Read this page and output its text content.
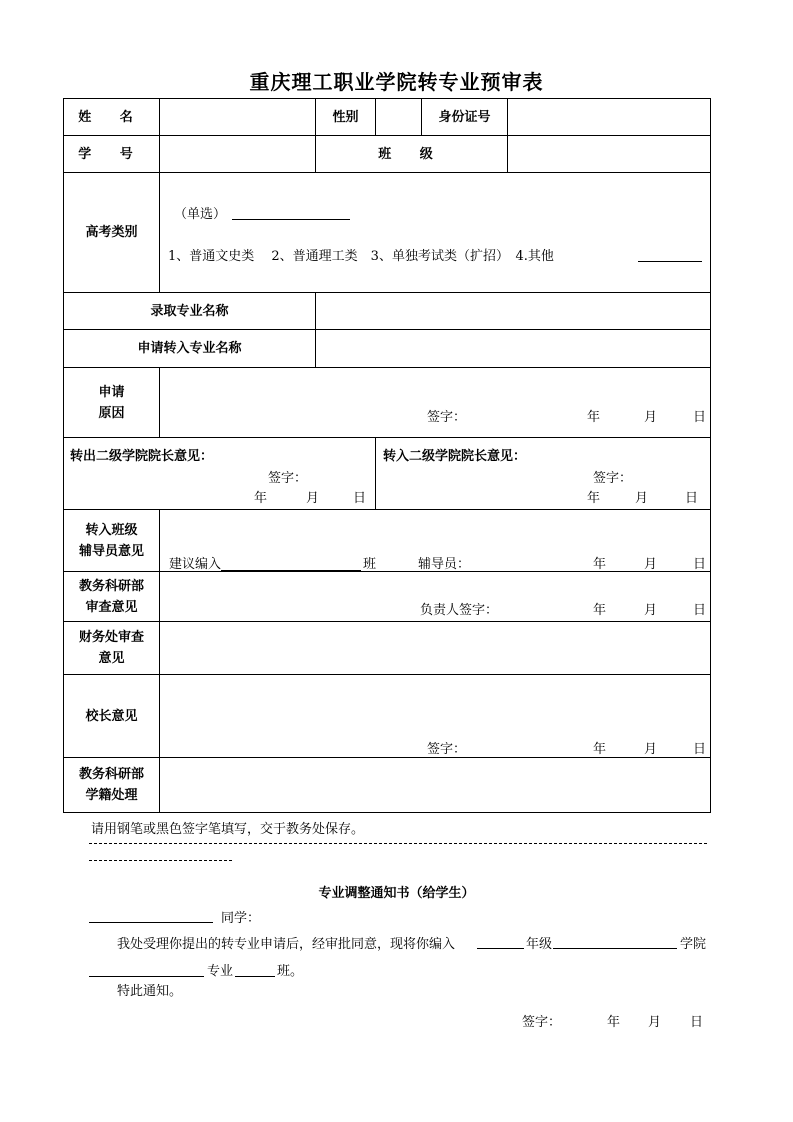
重庆理工职业学院转专业预审表
姓 名	性别	身份证号
学 号	班 级
高考类别
（单选）
1、普通文史类　 2、普通理工类　3、单独考试类（扩招）　4.其他
录取专业名称
申请转入专业名称
申请
原因	签字：	年	月	日
转出二级学院院长意见：
签字：
年	月	日
转入二级学院院长意见：
签字：
年	月	日
转入班级
辅导员意见
建议编入	班	辅导员：	年	月	日
教务科研部
审查意见	负责人签字：	年	月	日
财务处审查
意见
校长意见
签字：	年	月	日
教务科研部
学籍处理
请用钢笔或黑色签字笔填写，交于教务处保存。
专业调整通知书（给学生）
同学：
我处受理你提出的转专业申请后，经审批同意，现将你编入	年级	学院
专业	班。
特此通知。
签字：	年 月 日
